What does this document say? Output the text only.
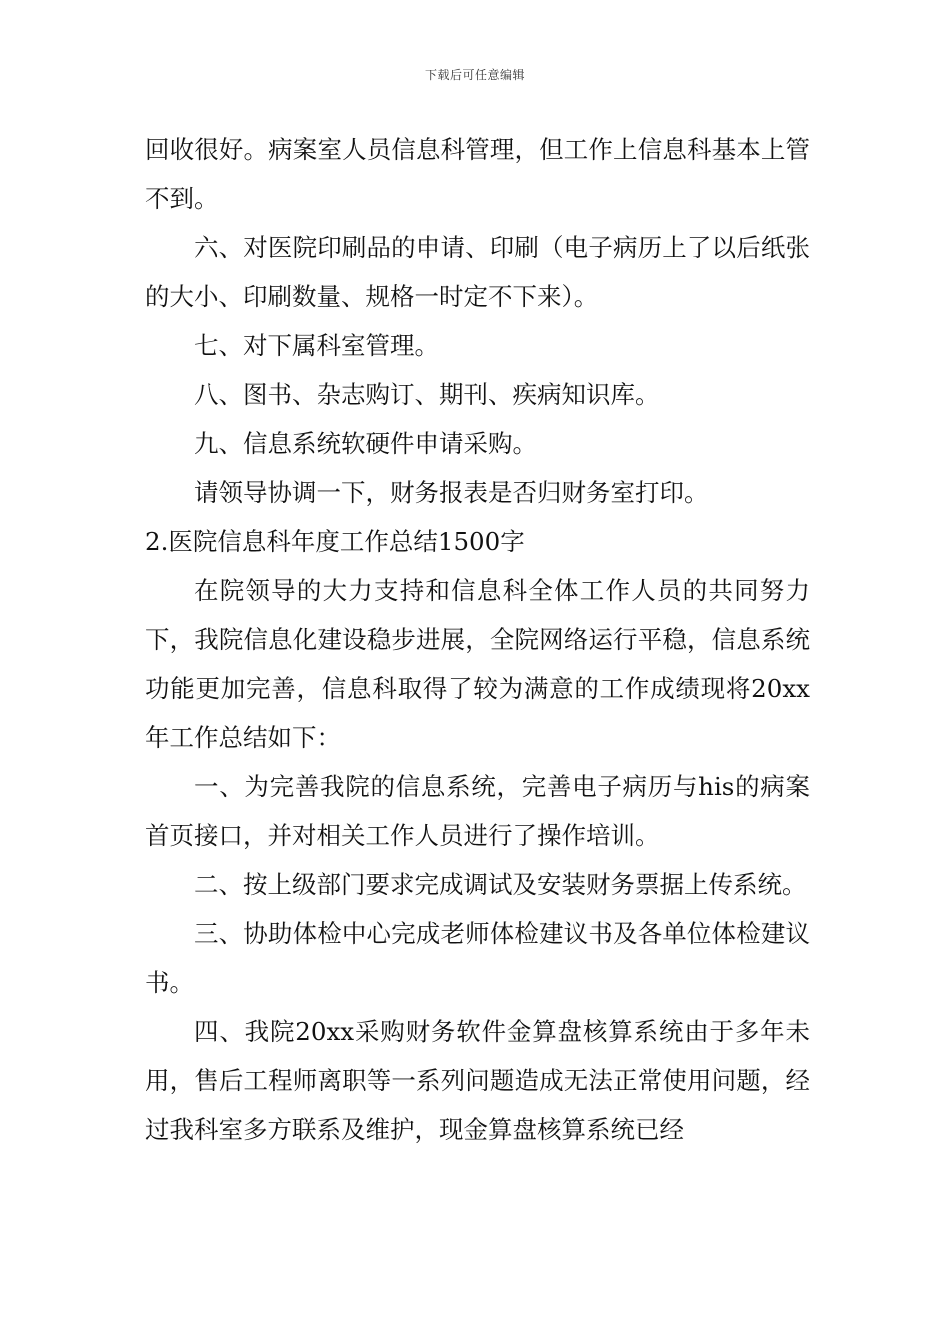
下载后可任意编辑

回收很好。病案室人员信息科管理，但工作上信息科基本上管不到。

六、对医院印刷品的申请、印刷（电子病历上了以后纸张的大小、印刷数量、规格一时定不下来）。

七、对下属科室管理。

八、图书、杂志购订、期刊、疾病知识库。

九、信息系统软硬件申请采购。

请领导协调一下，财务报表是否归财务室打印。

2.医院信息科年度工作总结1500字

在院领导的大力支持和信息科全体工作人员的共同努力下，我院信息化建设稳步进展，全院网络运行平稳，信息系统功能更加完善，信息科取得了较为满意的工作成绩现将20xx年工作总结如下：

一、为完善我院的信息系统，完善电子病历与his的病案首页接口，并对相关工作人员进行了操作培训。

二、按上级部门要求完成调试及安装财务票据上传系统。

三、协助体检中心完成老师体检建议书及各单位体检建议书。

四、我院20xx采购财务软件金算盘核算系统由于多年未用，售后工程师离职等一系列问题造成无法正常使用问题，经过我科室多方联系及维护，现金算盘核算系统已经
